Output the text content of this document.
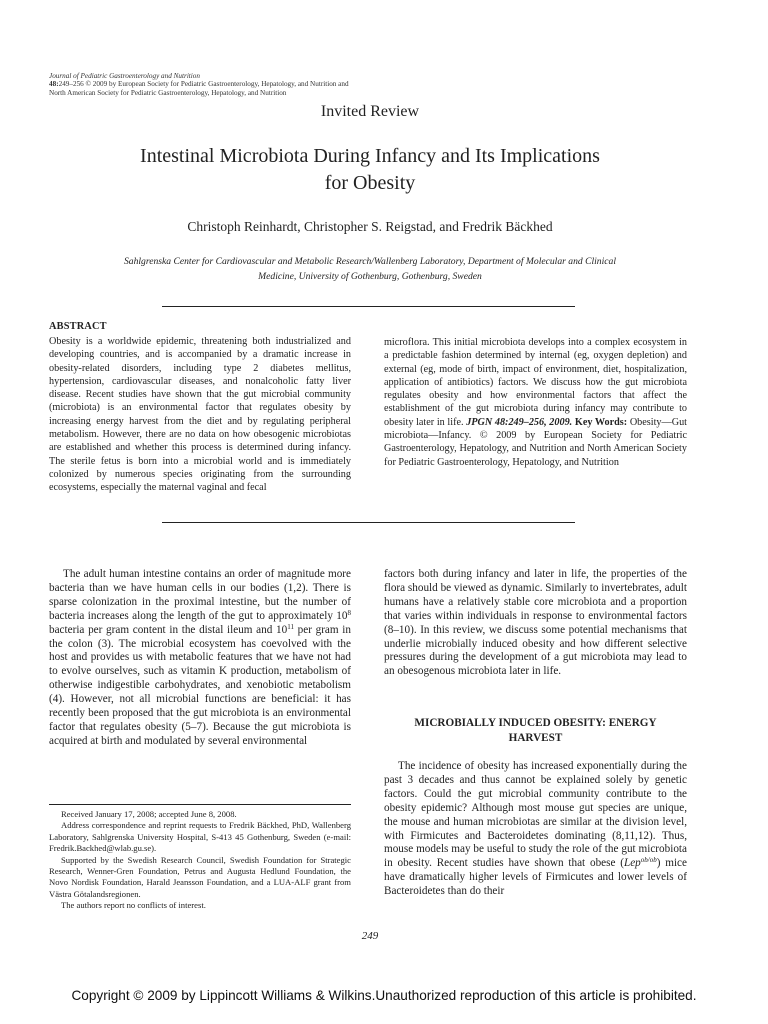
Journal of Pediatric Gastroenterology and Nutrition
48:249–256 © 2009 by European Society for Pediatric Gastroenterology, Hepatology, and Nutrition and
North American Society for Pediatric Gastroenterology, Hepatology, and Nutrition
Invited Review
Intestinal Microbiota During Infancy and Its Implications
for Obesity
Christoph Reinhardt, Christopher S. Reigstad, and Fredrik Bäckhed
Sahlgrenska Center for Cardiovascular and Metabolic Research/Wallenberg Laboratory, Department of Molecular and Clinical
Medicine, University of Gothenburg, Gothenburg, Sweden
ABSTRACT
Obesity is a worldwide epidemic, threatening both industrialized and developing countries, and is accompanied by a dramatic increase in obesity-related disorders, including type 2 diabetes mellitus, hypertension, cardiovascular diseases, and nonalcoholic fatty liver disease. Recent studies have shown that the gut microbial community (microbiota) is an environmental factor that regulates obesity by increasing energy harvest from the diet and by regulating peripheral metabolism. However, there are no data on how obesogenic microbiotas are established and whether this process is determined during infancy. The sterile fetus is born into a microbial world and is immediately colonized by numerous species originating from the surrounding ecosystems, especially the maternal vaginal and fecal
microflora. This initial microbiota develops into a complex ecosystem in a predictable fashion determined by internal (eg, oxygen depletion) and external (eg, mode of birth, impact of environment, diet, hospitalization, application of antibiotics) factors. We discuss how the gut microbiota regulates obesity and how environmental factors that affect the establishment of the gut microbiota during infancy may contribute to obesity later in life. JPGN 48:249–256, 2009. Key Words: Obesity—Gut microbiota—Infancy. © 2009 by European Society for Pediatric Gastroenterology, Hepatology, and Nutrition and North American Society for Pediatric Gastroenterology, Hepatology, and Nutrition
The adult human intestine contains an order of magnitude more bacteria than we have human cells in our bodies (1,2). There is sparse colonization in the proximal intestine, but the number of bacteria increases along the length of the gut to approximately $10^8$ bacteria per gram content in the distal ileum and $10^{11}$ per gram in the colon (3). The microbial ecosystem has coevolved with the host and provides us with metabolic features that we have not had to evolve ourselves, such as vitamin K production, metabolism of otherwise indigestible carbohydrates, and xenobiotic metabolism (4). However, not all microbial functions are beneficial: it has recently been proposed that the gut microbiota is an environmental factor that regulates obesity (5–7). Because the gut microbiota is acquired at birth and modulated by several environmental
factors both during infancy and later in life, the properties of the flora should be viewed as dynamic. Similarly to invertebrates, adult humans have a relatively stable core microbiota and a proportion that varies within individuals in response to environmental factors (8–10). In this review, we discuss some potential mechanisms that underlie microbially induced obesity and how different selective pressures during the development of a gut microbiota may lead to an obesogenous microbiota later in life.
MICROBIALLY INDUCED OBESITY: ENERGY
HARVEST
The incidence of obesity has increased exponentially during the past 3 decades and thus cannot be explained solely by genetic factors. Could the gut microbial community contribute to the obesity epidemic? Although most mouse gut species are unique, the mouse and human microbiotas are similar at the division level, with Firmicutes and Bacteroidetes dominating (8,11,12). Thus, mouse models may be useful to study the role of the gut microbiota in obesity. Recent studies have shown that obese (Lep$^{ob/ob}$) mice have dramatically higher levels of Firmicutes and lower levels of Bacteroidetes than do their

Received January 17, 2008; accepted June 8, 2008.

Address correspondence and reprint requests to Fredrik Bäckhed, PhD, Wallenberg Laboratory, Sahlgrenska University Hospital, S-413 45 Gothenburg, Sweden (e-mail: Fredrik.Backhed@wlab.gu.se).

Supported by the Swedish Research Council, Swedish Foundation for Strategic Research, Wenner-Gren Foundation, Petrus and Augusta Hedlund Foundation, the Novo Nordisk Foundation, Harald Jeansson Foundation, and a LUA-ALF grant from Västra Götalandsregionen.

The authors report no conflicts of interest.

249
Copyright © 2009 by Lippincott Williams & Wilkins.Unauthorized reproduction of this article is prohibited.
